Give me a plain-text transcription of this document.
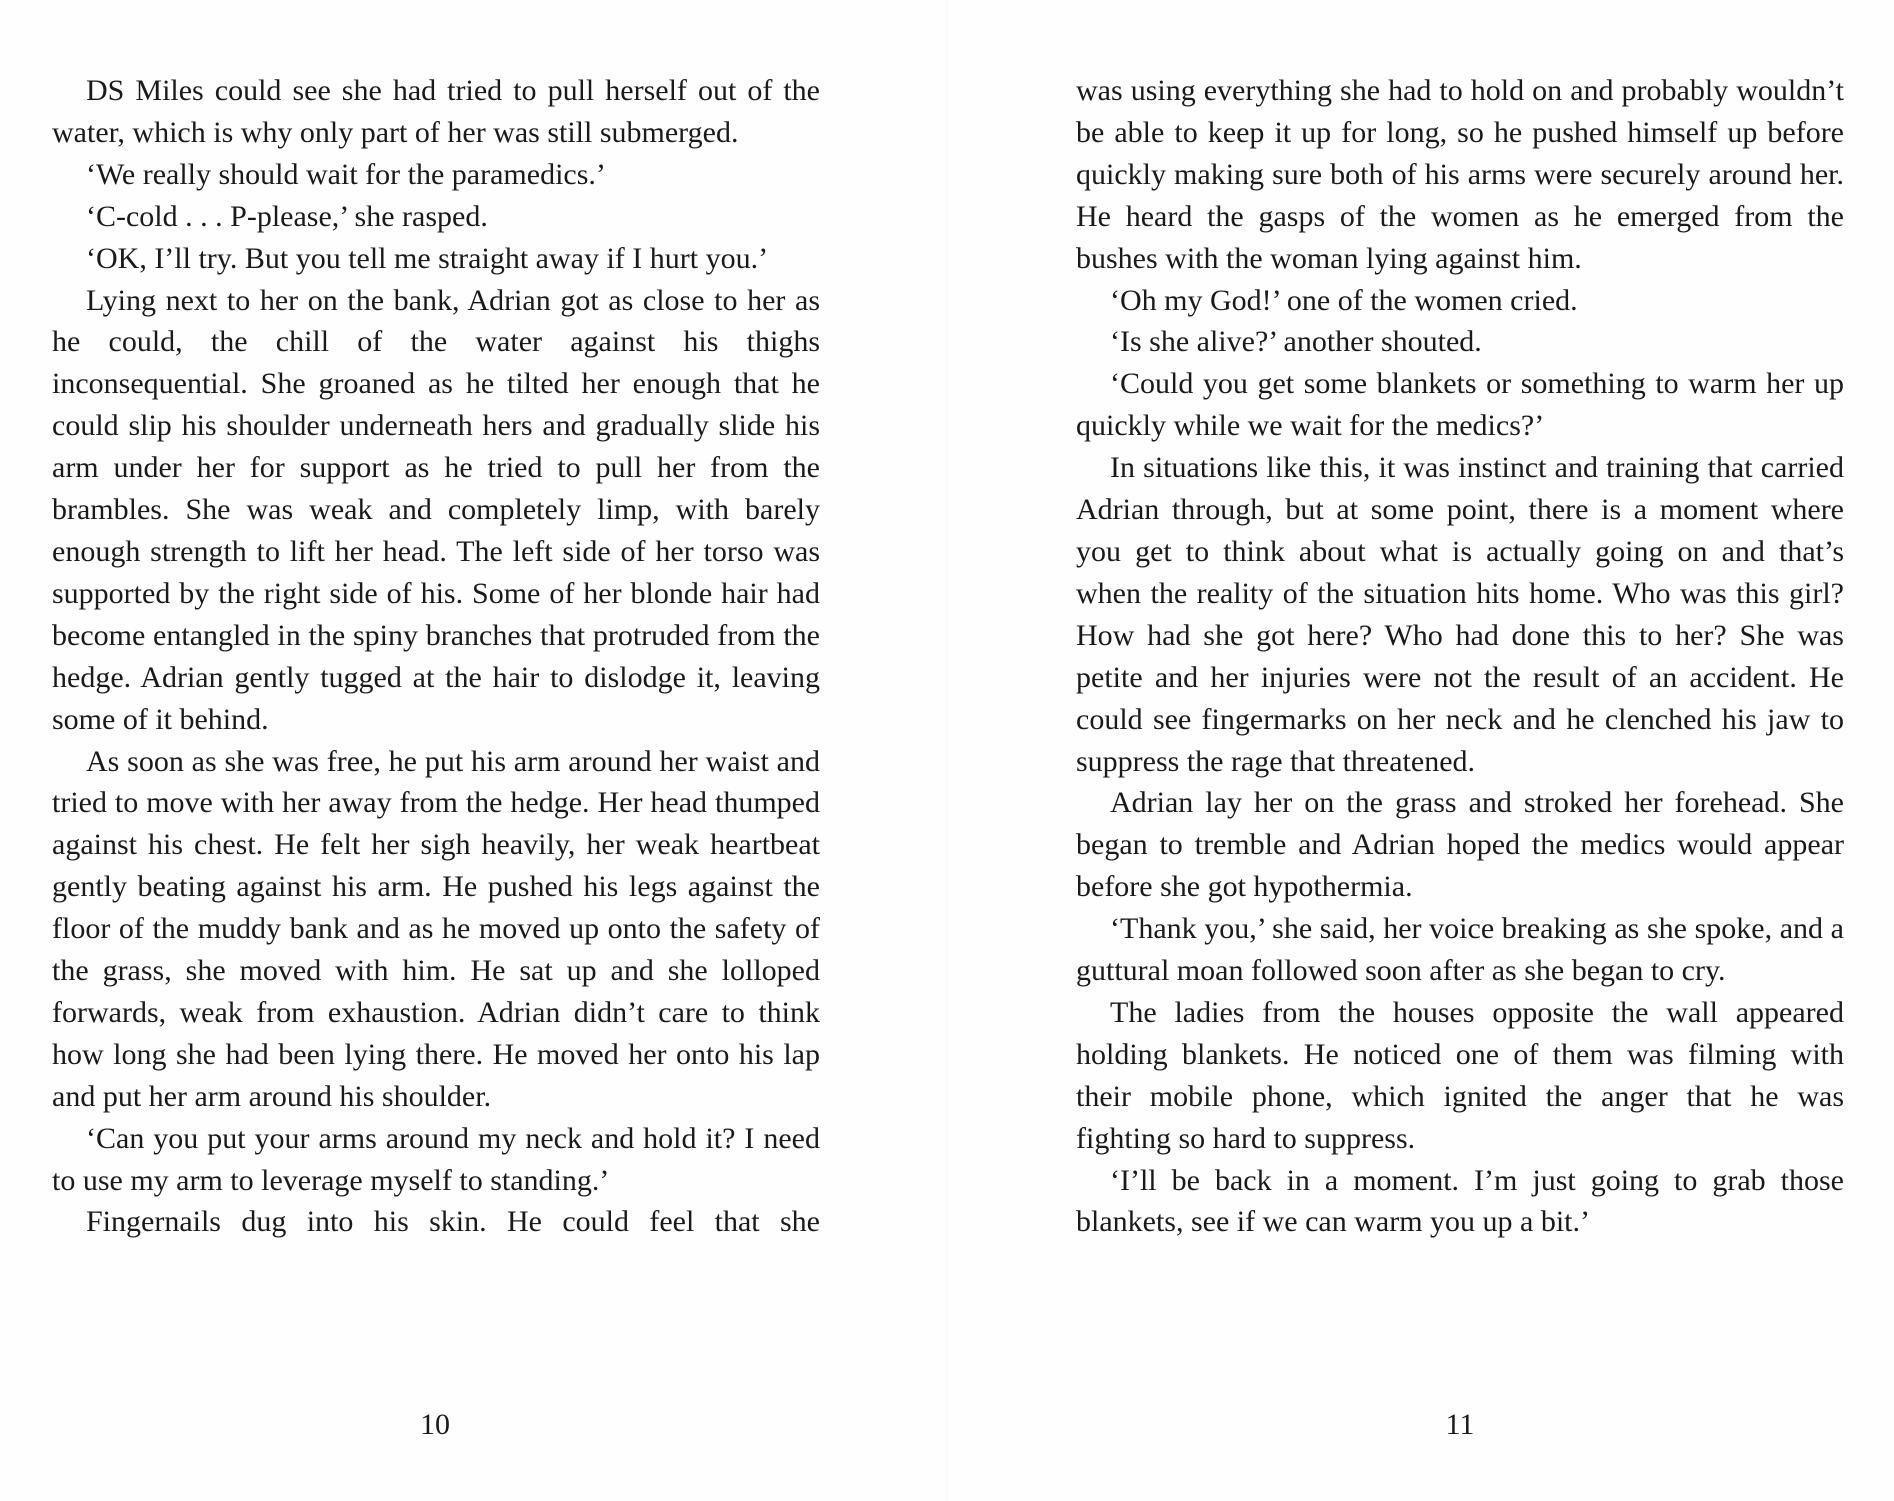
DS Miles could see she had tried to pull herself out of the water, which is why only part of her was still submerged.

‘We really should wait for the paramedics.’

‘C-cold . . . P-please,’ she rasped.

‘OK, I’ll try. But you tell me straight away if I hurt you.’

Lying next to her on the bank, Adrian got as close to her as he could, the chill of the water against his thighs inconsequential. She groaned as he tilted her enough that he could slip his shoulder underneath hers and gradually slide his arm under her for support as he tried to pull her from the brambles. She was weak and completely limp, with barely enough strength to lift her head. The left side of her torso was supported by the right side of his. Some of her blonde hair had become entangled in the spiny branches that protruded from the hedge. Adrian gently tugged at the hair to dislodge it, leaving some of it behind.

As soon as she was free, he put his arm around her waist and tried to move with her away from the hedge. Her head thumped against his chest. He felt her sigh heavily, her weak heartbeat gently beating against his arm. He pushed his legs against the floor of the muddy bank and as he moved up onto the safety of the grass, she moved with him. He sat up and she lolloped forwards, weak from exhaustion. Adrian didn’t care to think how long she had been lying there. He moved her onto his lap and put her arm around his shoulder.

‘Can you put your arms around my neck and hold it? I need to use my arm to leverage myself to standing.’

Fingernails dug into his skin. He could feel that she

was using everything she had to hold on and probably wouldn’t be able to keep it up for long, so he pushed himself up before quickly making sure both of his arms were securely around her. He heard the gasps of the women as he emerged from the bushes with the woman lying against him.

‘Oh my God!’ one of the women cried.

‘Is she alive?’ another shouted.

‘Could you get some blankets or something to warm her up quickly while we wait for the medics?’

In situations like this, it was instinct and training that carried Adrian through, but at some point, there is a moment where you get to think about what is actually going on and that’s when the reality of the situation hits home. Who was this girl? How had she got here? Who had done this to her? She was petite and her injuries were not the result of an accident. He could see fingermarks on her neck and he clenched his jaw to suppress the rage that threatened.

Adrian lay her on the grass and stroked her forehead. She began to tremble and Adrian hoped the medics would appear before she got hypothermia.

‘Thank you,’ she said, her voice breaking as she spoke, and a guttural moan followed soon after as she began to cry.

The ladies from the houses opposite the wall appeared holding blankets. He noticed one of them was filming with their mobile phone, which ignited the anger that he was fighting so hard to suppress.

‘I’ll be back in a moment. I’m just going to grab those blankets, see if we can warm you up a bit.’

10	11
